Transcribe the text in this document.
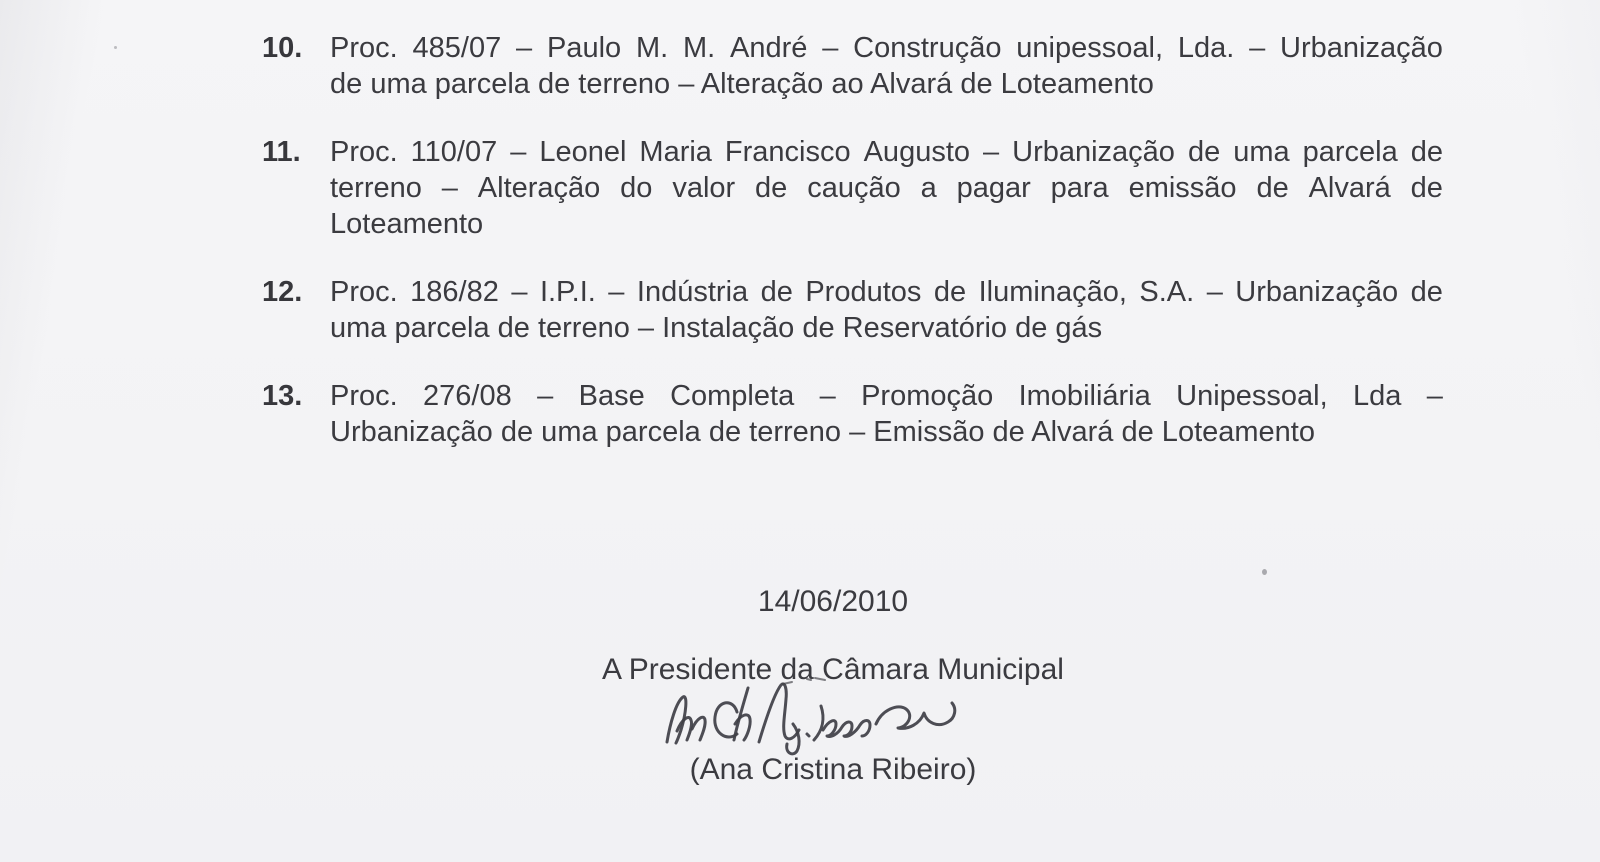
10. Proc. 485/07 – Paulo M. M. André – Construção unipessoal, Lda. – Urbanização
de uma parcela de terreno – Alteração ao Alvará de Loteamento
11.	Proc. 110/07 – Leonel Maria Francisco Augusto – Urbanização de uma parcela de
terreno – Alteração do valor de caução a pagar para emissão de Alvará de
Loteamento
12. Proc. 186/82 – I.P.I. – Indústria de Produtos de Iluminação, S.A. – Urbanização de
uma parcela de terreno – Instalação de Reservatório de gás
13. Proc. 276/08 – Base Completa – Promoção Imobiliária Unipessoal, Lda –
Urbanização de uma parcela de terreno – Emissão de Alvará de Loteamento
14/06/2010
A Presidente da Câmara Municipal
(Ana Cristina Ribeiro)
